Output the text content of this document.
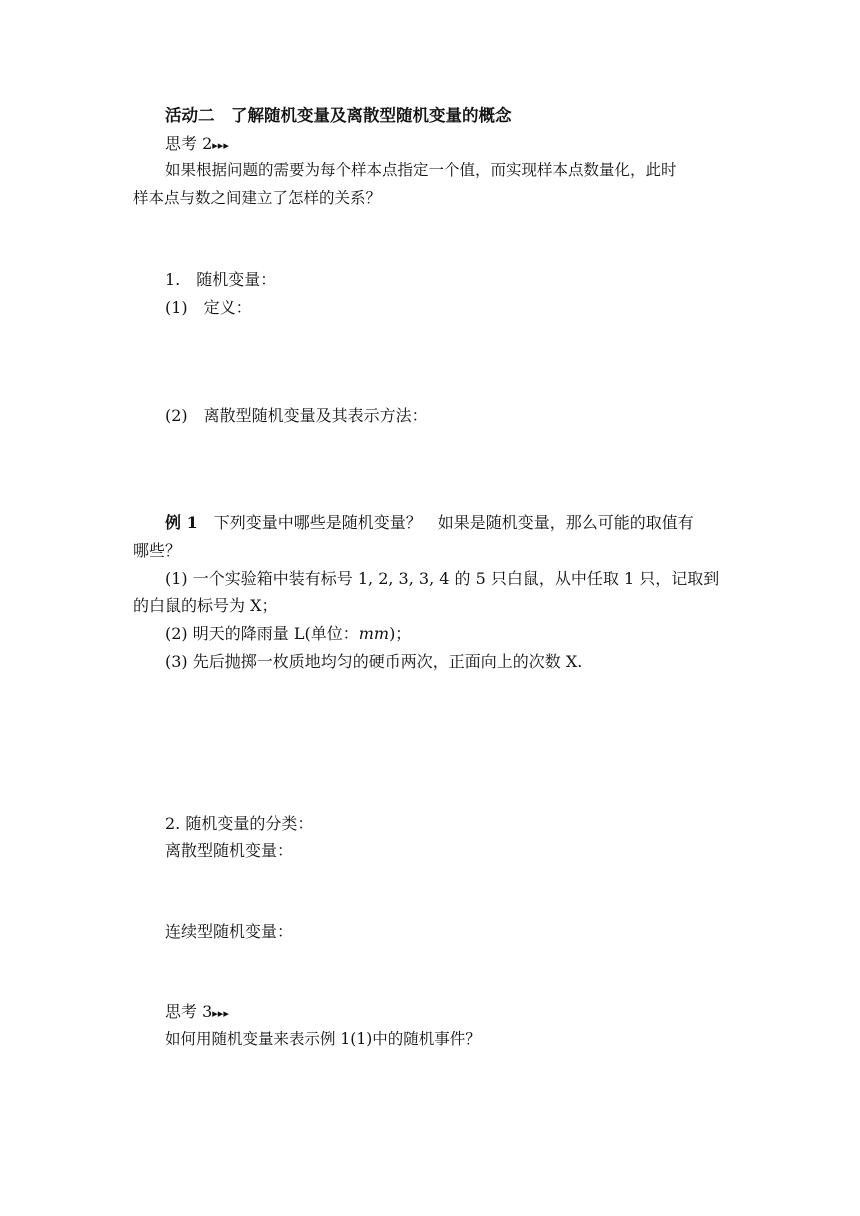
活动二　了解随机变量及离散型随机变量的概念
思考 2▸▸▸
如果根据问题的需要为每个样本点指定一个值，而实现样本点数量化，此时
样本点与数之间建立了怎样的关系？
1.　随机变量：
(1)　定义：
(2)　离散型随机变量及其表示方法：
例 1　下列变量中哪些是随机变量？　如果是随机变量，那么可能的取值有
哪些？
(1) 一个实验箱中装有标号 1, 2, 3, 3, 4 的 5 只白鼠，从中任取 1 只，记取到
的白鼠的标号为 X；
(2) 明天的降雨量 L(单位：mm)；
(3) 先后抛掷一枚质地均匀的硬币两次，正面向上的次数 X.
2. 随机变量的分类：
离散型随机变量：
连续型随机变量：
思考 3▸▸▸
如何用随机变量来表示例 1(1)中的随机事件？
